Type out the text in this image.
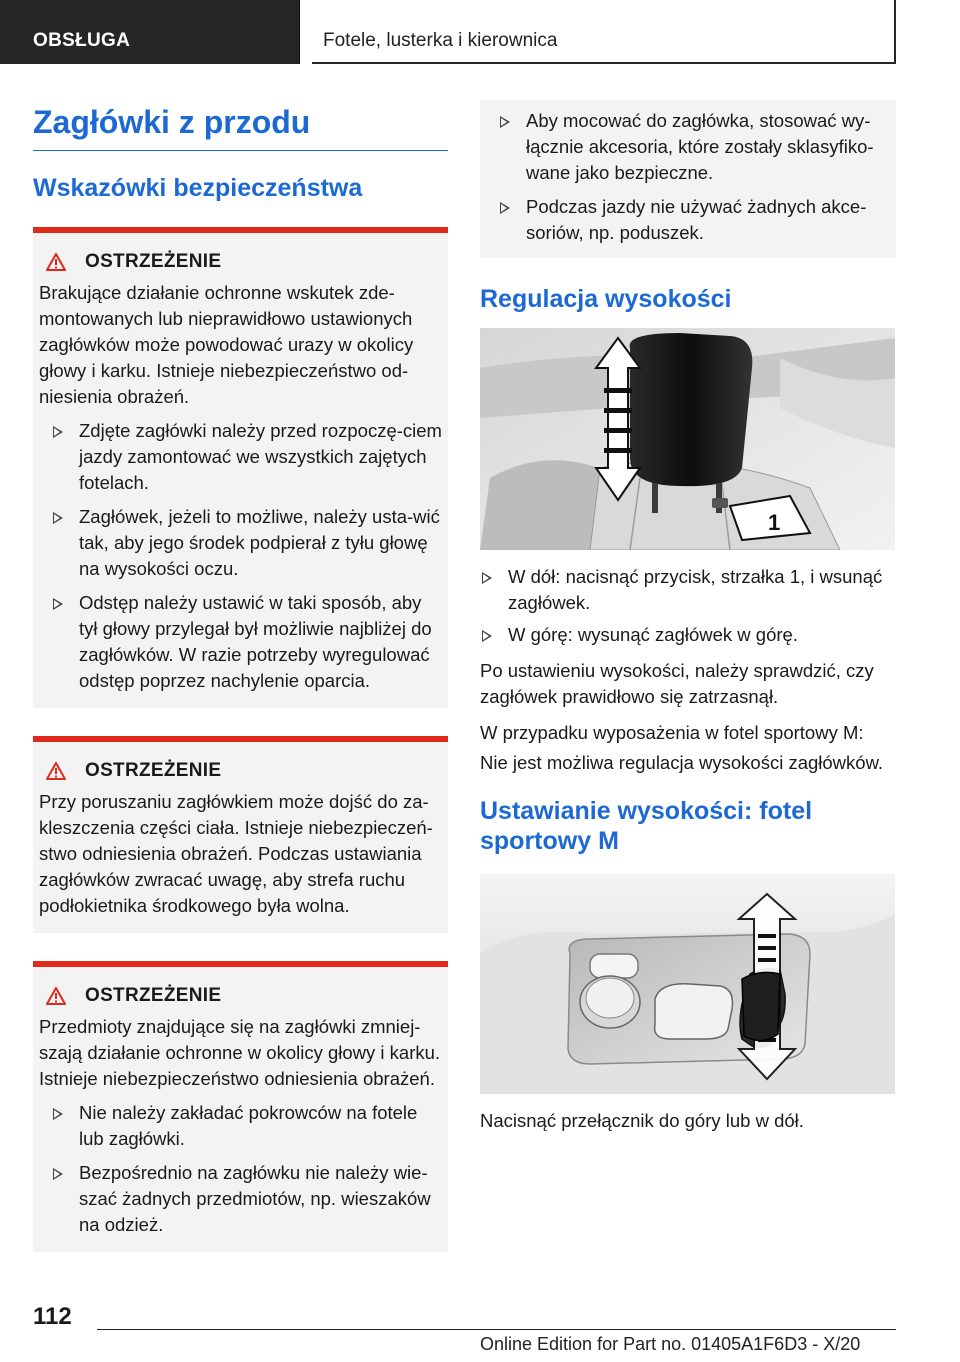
OBSŁUGA	Fotele, lusterka i kierownica
Zagłówki z przodu
Wskazówki bezpieczeństwa
OSTRZEŻENIE

Brakujące działanie ochronne wskutek zde-montowanych lub nieprawidłowo ustawionych zagłówków może powodować urazy w okolicy głowy i karku. Istnieje niebezpieczeństwo od-niesienia obrażeń.

Zdjęte zagłówki należy przed rozpoczę-ciem jazdy zamontować we wszystkich zajętych fotelach.
Zagłówek, jeżeli to możliwe, należy usta-wić tak, aby jego środek podpierał z tyłu głowę na wysokości oczu.
Odstęp należy ustawić w taki sposób, aby tył głowy przylegał był możliwie najbliżej do zagłówków. W razie potrzeby wyregulować odstęp poprzez nachylenie oparcia.
OSTRZEŻENIE

Przy poruszaniu zagłówkiem może dojść do za-kleszczenia części ciała. Istnieje niebezpieczeń-stwo odniesienia obrażeń. Podczas ustawiania zagłówków zwracać uwagę, aby strefa ruchu podłokietnika środkowego była wolna.

OSTRZEŻENIE

Przedmioty znajdujące się na zagłówki zmniej-szają działanie ochronne w okolicy głowy i karku. Istnieje niebezpieczeństwo odniesienia obrażeń.

Nie należy zakładać pokrowców na fotele lub zagłówki.
Bezpośrednio na zagłówku nie należy wie-szać żadnych przedmiotów, np. wieszaków na odzież.
Aby mocować do zagłówka, stosować wy-łącznie akcesoria, które zostały sklasyfiko-wane jako bezpieczne.
Podczas jazdy nie używać żadnych akce-soriów, np. poduszek.
Regulacja wysokości
1
W dół: nacisnąć przycisk, strzałka 1, i wsunąć zagłówek.
W górę: wysunąć zagłówek w górę.

Po ustawieniu wysokości, należy sprawdzić, czy zagłówek prawidłowo się zatrzasnął.

W przypadku wyposażenia w fotel sportowy M:

Nie jest możliwa regulacja wysokości zagłówków.

Ustawianie wysokości: fotel sportowy M

Nacisnąć przełącznik do góry lub w dół.

112
Online Edition for Part no. 01405A1F6D3 - X/20
